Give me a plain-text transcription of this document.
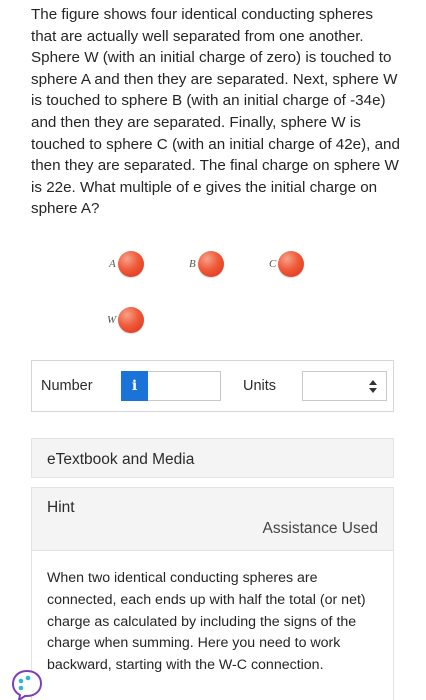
The figure shows four identical conducting spheres that are actually well separated from one another. Sphere W (with an initial charge of zero) is touched to sphere A and then they are separated. Next, sphere W is touched to sphere B (with an initial charge of -34e) and then they are separated. Finally, sphere W is touched to sphere C (with an initial charge of 42e), and then they are separated. The final charge on sphere W is 22e. What multiple of e gives the initial charge on sphere A?
A	B	C
W
Number	i	Units
eTextbook and Media
Hint
Assistance Used
When two identical conducting spheres are connected, each ends up with half the total (or net) charge as calculated by including the signs of the charge when summing. Here you need to work backward, starting with the W-C connection.
